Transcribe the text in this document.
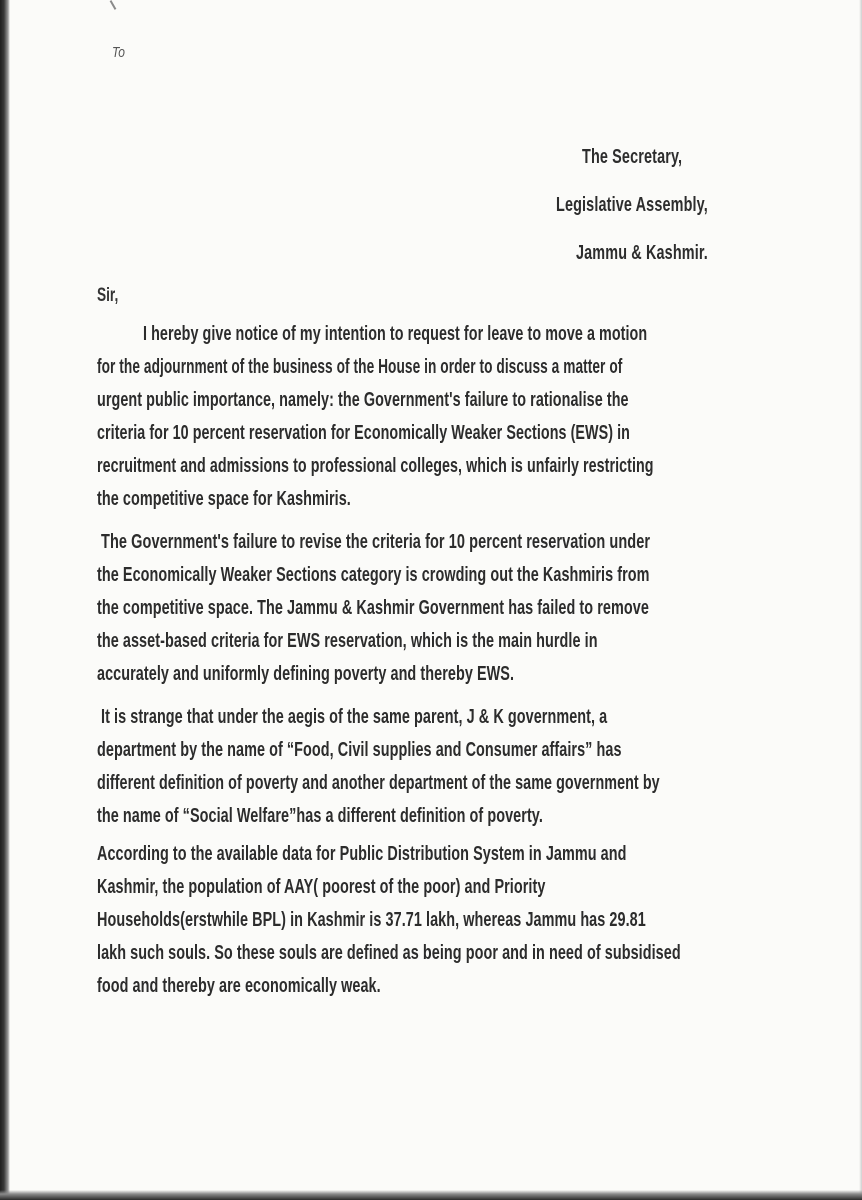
To
The Secretary,
Legislative Assembly,
Jammu & Kashmir.
Sir,
I hereby give notice of my intention to request for leave to move a motion
for the adjournment of the business of the House in order to discuss a matter of
urgent public importance, namely: the Government's failure to rationalise the
criteria for 10 percent reservation for Economically Weaker Sections (EWS) in
recruitment and admissions to professional colleges, which is unfairly restricting
the competitive space for Kashmiris.
The Government's failure to revise the criteria for 10 percent reservation under
the Economically Weaker Sections category is crowding out the Kashmiris from
the competitive space. The Jammu & Kashmir Government has failed to remove
the asset-based criteria for EWS reservation, which is the main hurdle in
accurately and uniformly defining poverty and thereby EWS.
It is strange that under the aegis of the same parent, J & K government, a
department by the name of “Food, Civil supplies and Consumer affairs” has
different definition of poverty and another department of the same government by
the name of “Social Welfare”has a different definition of poverty.
According to the available data for Public Distribution System in Jammu and
Kashmir, the population of AAY( poorest of the poor) and Priority
Households(erstwhile BPL) in Kashmir is 37.71 lakh, whereas Jammu has 29.81
lakh such souls. So these souls are defined as being poor and in need of subsidised
food and thereby are economically weak.
